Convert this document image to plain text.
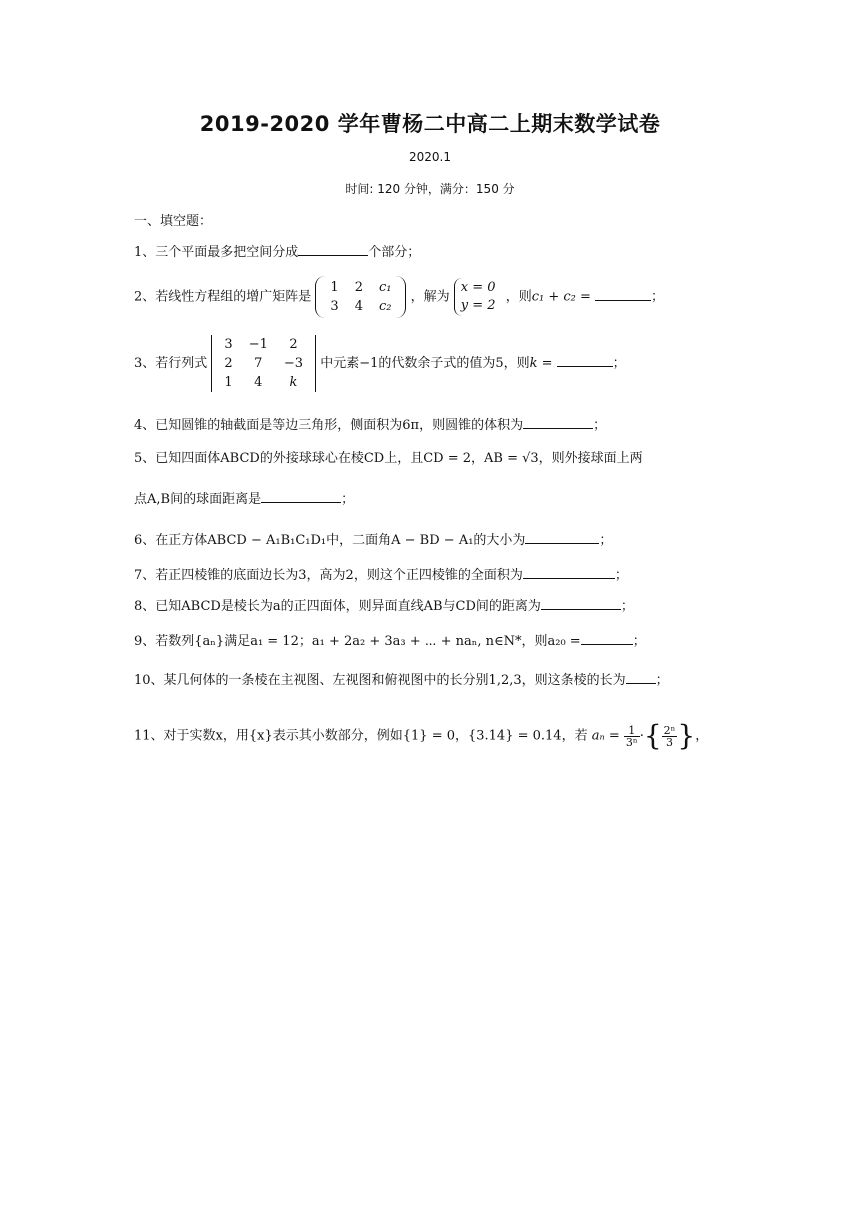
2019-2020 学年曹杨二中高二上期末数学试卷
2020.1
时间: 120 分钟，满分：150 分
一、填空题：
1、三个平面最多把空间分成	个部分；
2、若线性方程组的增广矩阵是
1	2	c₁
3	4	c₂
，解为 x = 0
y = 2 ，则c₁ + c₂ =	；
3、若行列式
3	−1	2
2	7	−3
1	4	k
中元素−1的代数余子式的值为5，则k =	；
4、已知圆锥的轴截面是等边三角形，侧面积为6π，则圆锥的体积为	；
5、已知四面体ABCD的外接球球心在棱CD上，且CD = 2，AB = √3，则外接球面上两
点A,B间的球面距离是	；
6、在正方体ABCD − A₁B₁C₁D₁中，二面角A − BD − A₁的大小为	；
7、若正四棱锥的底面边长为3，高为2，则这个正四棱锥的全面积为	；
8、已知ABCD是棱长为a的正四面体，则异面直线AB与CD间的距离为	；
9、若数列{aₙ}满足a₁ = 12；a₁ + 2a₂ + 3a₃ + ⋯ + naₙ, n∈N*，则a₂₀ =	；
10、某几何体的一条棱在主视图、左视图和俯视图中的长分别1,2,3，则这条棱的长为 ；
11、对于实数x，用{x}表示其小数部分，例如{1} = 0，{3.14} = 0.14，若 $a_n = \frac{1}{\text{3ⁿ}}$ ·{ $\frac{\text{2ⁿ}}{3}$ }，
